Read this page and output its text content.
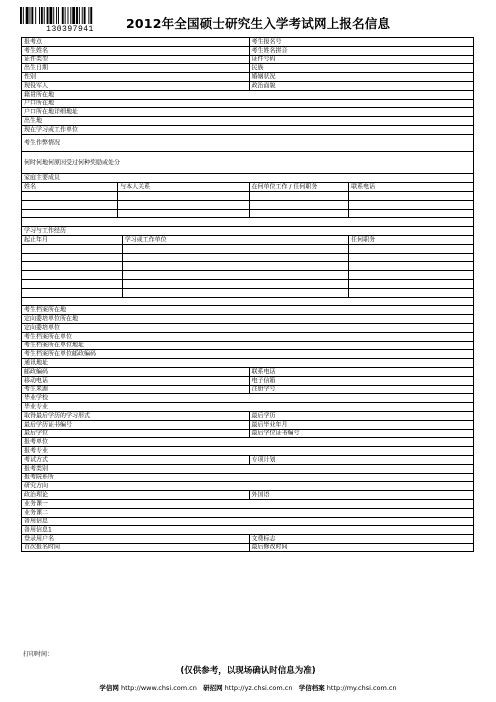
130397941	2012年全国硕士研究生入学考试网上报名信息
报考点	考生报名号
考生姓名	考生姓名拼音
证件类型	证件号码
出生日期	民族
性别	婚姻状况
现役军人	政治面貌
籍贯所在地
户口所在地
户口所在地详细地址
出生地
现在学习或工作单位
考生作弊情况
何时何地何原因受过何种奖励或处分
家庭主要成员
姓名	与本人关系	在何单位工作 / 任何职务	联系电话
学习与工作经历
起止年月	学习或工作单位	任何职务
考生档案所在地
定向委培单位所在地
定向委培单位
考生档案所在单位
考生档案所在单位地址
考生档案所在单位邮政编码
通讯地址
邮政编码	联系电话
移动电话	电子信箱
考生来源	注册学号
毕业学校
毕业专业
取得最后学历的学习形式	最后学历
最后学历证书编号	最后毕业年月
最后学位	最后学位证书编号
报考单位
报考专业
考试方式	专项计划
报考类别
报考院系所
研究方向
政治理论	外国语
业务课一
业务课二
备用信息
备用信息1
登录用户名	文费标志
首次报名时间	最后修改时间
打印时间：
(仅供参考，以现场确认时信息为准)
学信网 http://www.chsi.com.cn 研招网 http://yz.chsi.com.cn 学信档案 http://my.chsi.com.cn
